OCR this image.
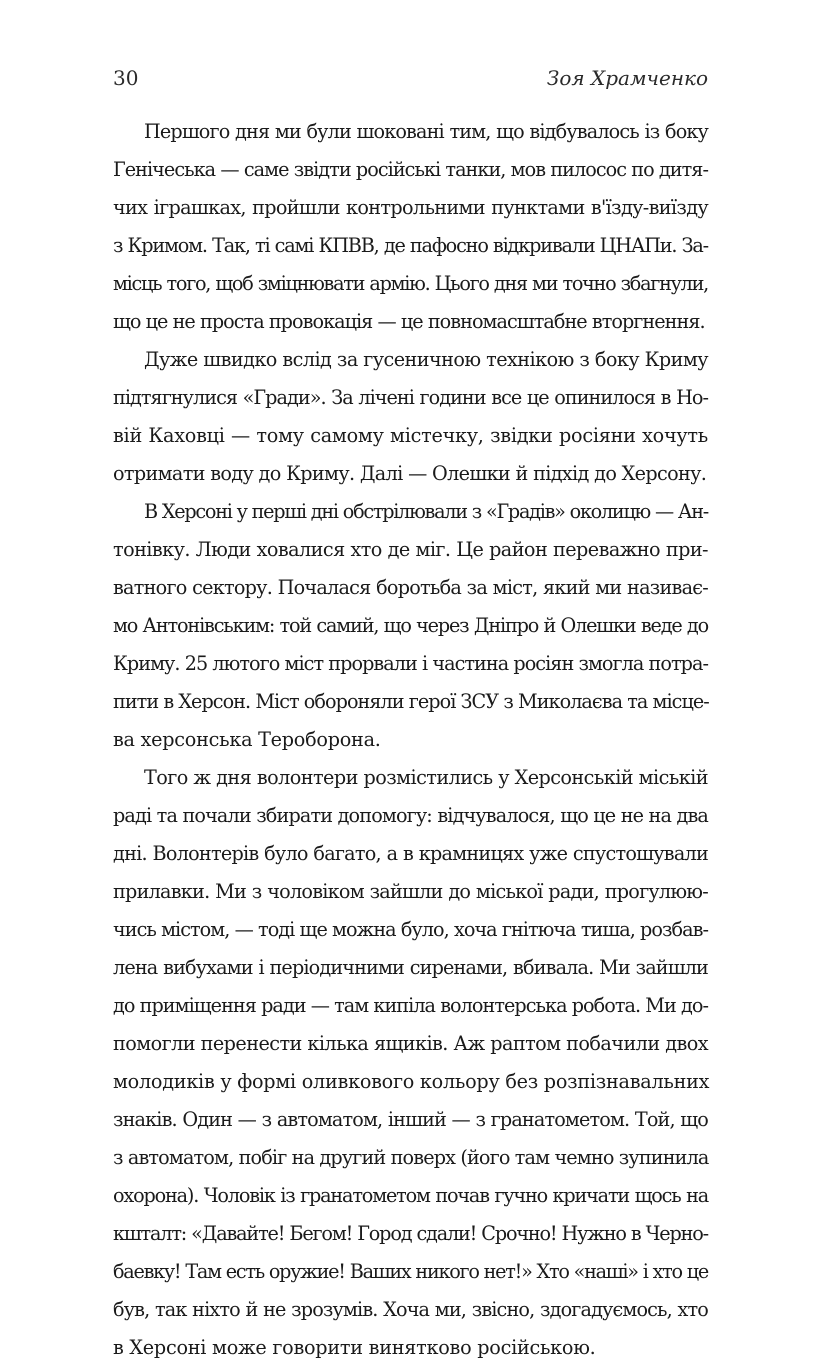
30	Зоя Храмченко
Першого дня ми були шоковані тим, що відбувалось із боку
Генічеська — саме звідти російські танки, мов пилосос по дитя-
чих іграшках, пройшли контрольними пунктами в'їзду-виїзду
з Кримом. Так, ті самі КПВВ, де пафосно відкривали ЦНАПи. За-
місць того, щоб зміцнювати армію. Цього дня ми точно збагнули,
що це не проста провокація — це повномасштабне вторгнення.
Дуже швидко вслід за гусеничною технікою з боку Криму
підтягнулися «Гради». За лічені години все це опинилося в Но-
вій Каховці — тому самому містечку, звідки росіяни хочуть
отримати воду до Криму. Далі — Олешки й підхід до Херсону.
В Херсоні у перші дні обстрілювали з «Градів» околицю — Ан-
тонівку. Люди ховалися хто де міг. Це район переважно при-
ватного сектору. Почалася боротьба за міст, який ми називає-
мо Антонівським: той самий, що через Дніпро й Олешки веде до
Криму. 25 лютого міст прорвали і частина росіян змогла потра-
пити в Херсон. Міст обороняли герої ЗСУ з Миколаєва та місце-
ва херсонська Тероборона.
Того ж дня волонтери розмістились у Херсонській міській
раді та почали збирати допомогу: відчувалося, що це не на два
дні. Волонтерів було багато, а в крамницях уже спустошували
прилавки. Ми з чоловіком зайшли до міської ради, прогулюю-
чись містом, — тоді ще можна було, хоча гнітюча тиша, розбав-
лена вибухами і періодичними сиренами, вбивала. Ми зайшли
до приміщення ради — там кипіла волонтерська робота. Ми до-
помогли перенести кілька ящиків. Аж раптом побачили двох
молодиків у формі оливкового кольору без розпізнавальних
знаків. Один — з автоматом, інший — з гранатометом. Той, що
з автоматом, побіг на другий поверх (його там чемно зупинила
охорона). Чоловік із гранатометом почав гучно кричати щось на
кшталт: «Давайте! Бегом! Город сдали! Срочно! Нужно в Черно-
баевку! Там есть оружие! Ваших никого нет!» Хто «наші» і хто це
був, так ніхто й не зрозумів. Хоча ми, звісно, здогадуємось, хто
в Херсоні може говорити винятково російською.
